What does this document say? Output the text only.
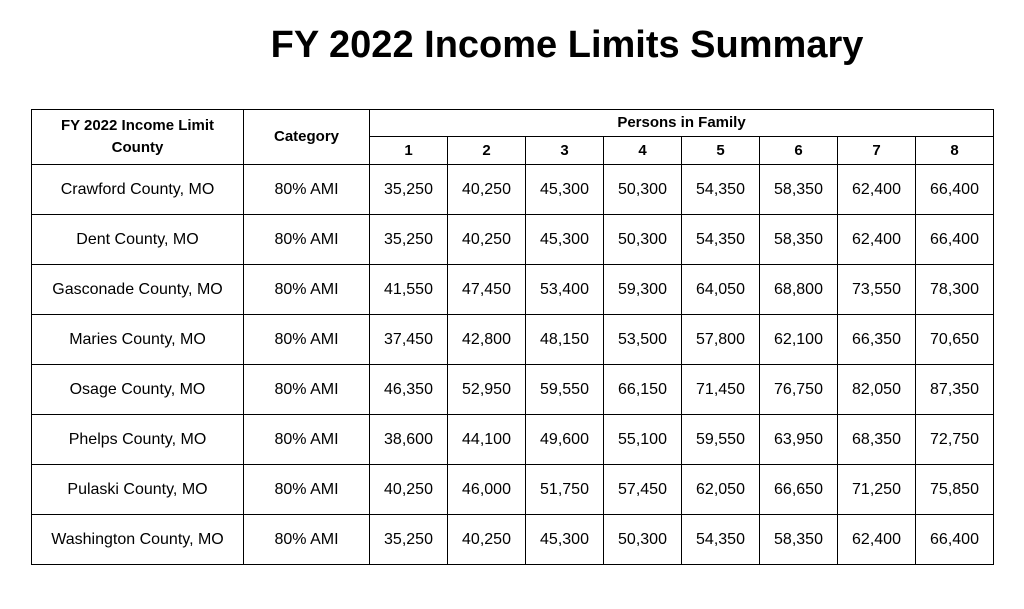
FY 2022 Income Limits Summary
FY 2022 Income Limit
County	Category	Persons in Family							
		1	2	3	4	5	6	7	8
Crawford County, MO	80% AMI	35,250	40,250	45,300	50,300	54,350	58,350	62,400	66,400
Dent County, MO	80% AMI	35,250	40,250	45,300	50,300	54,350	58,350	62,400	66,400
Gasconade County, MO	80% AMI	41,550	47,450	53,400	59,300	64,050	68,800	73,550	78,300
Maries County, MO	80% AMI	37,450	42,800	48,150	53,500	57,800	62,100	66,350	70,650
Osage County, MO	80% AMI	46,350	52,950	59,550	66,150	71,450	76,750	82,050	87,350
Phelps County, MO	80% AMI	38,600	44,100	49,600	55,100	59,550	63,950	68,350	72,750
Pulaski County, MO	80% AMI	40,250	46,000	51,750	57,450	62,050	66,650	71,250	75,850
Washington County, MO	80% AMI	35,250	40,250	45,300	50,300	54,350	58,350	62,400	66,400
